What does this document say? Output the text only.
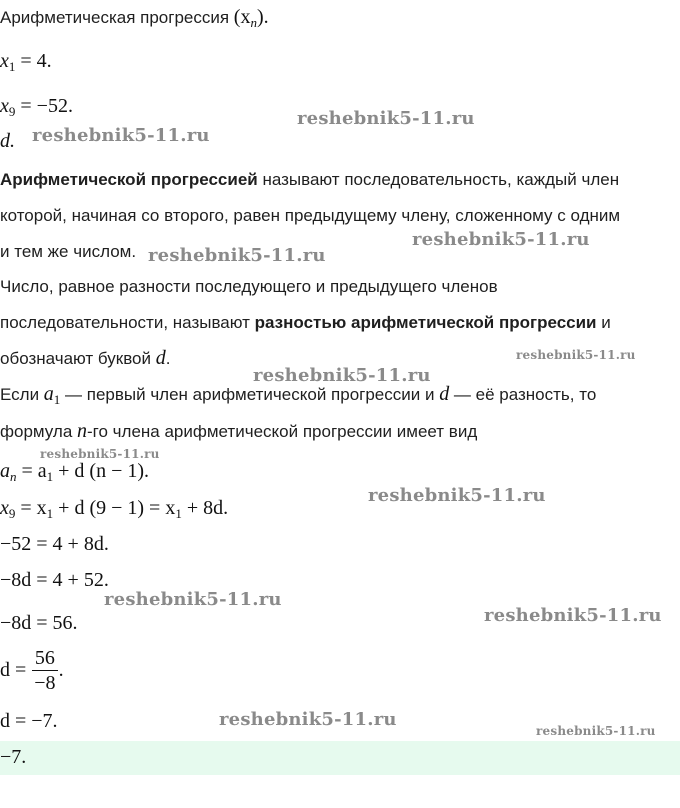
Арифметическая прогрессия $(x_n)$.
$x_1 = 4$.
$x_9 = -52$.
d.
Арифметической прогрессией называют последовательность, каждый член
которой, начиная со второго, равен предыдущему члену, сложенному с одним
и тем же числом.
Число, равное разности последующего и предыдущего членов
последовательности, называют разностью арифметической прогрессии и
обозначают буквой d.
Если $a_1$ — первый член арифметической прогрессии и d — её разность, то
формула n-го члена арифметической прогрессии имеет вид
$a_n = a_1 + d$ (n − 1).
$x_9 = x_1 + d$ $(9 - 1) = x_1 + 8d$.
−52 = 4 + 8d.
−8d = 4 + 52.
−8d = 56.
$d = \frac{56}{-8}$ .
d = −7.
−7.
reshebnik5-11.ru
reshebnik5-11.ru
reshebnik5-11.ru
reshebnik5-11.ru
reshebnik5-11.ru
reshebnik5-11.ru
reshebnik5-11.ru
reshebnik5-11.ru
reshebnik5-11.ru
reshebnik5-11.ru
reshebnik5-11.ru
reshebnik5-11.ru
